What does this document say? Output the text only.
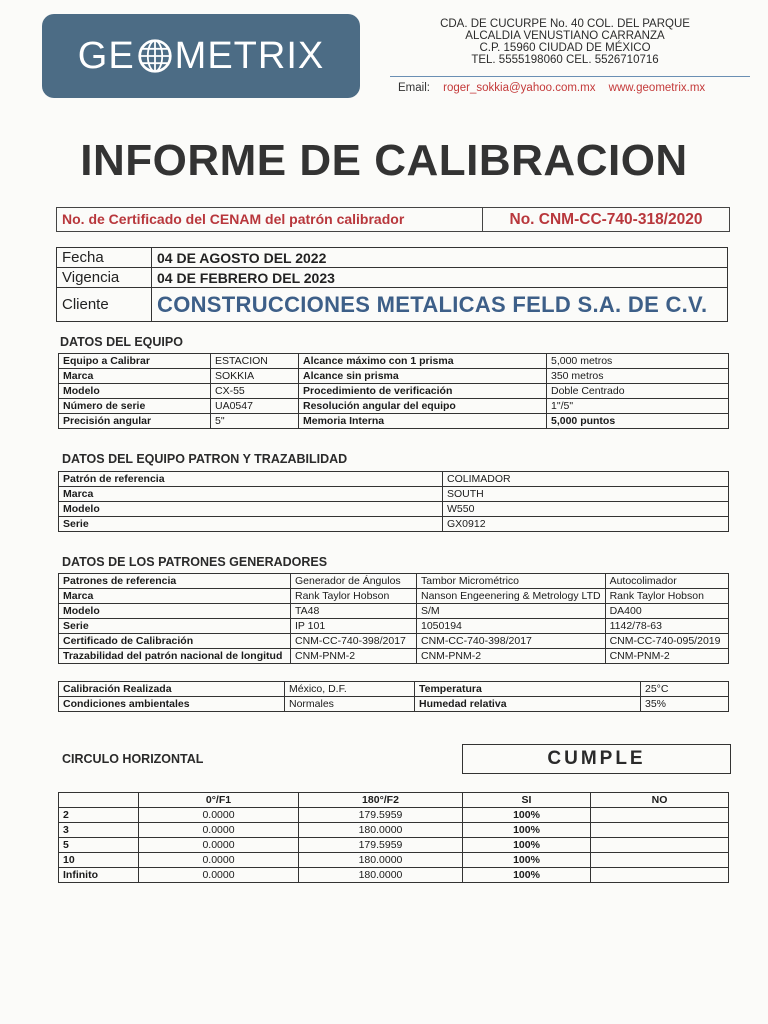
GE METRIX
CDA. DE CUCURPE No. 40 COL. DEL PARQUE
ALCALDIA VENUSTIANO CARRANZA
C.P. 15960 CIUDAD DE MÉXICO
TEL. 5555198060 CEL. 5526710716
Email: roger_sokkia@yahoo.com.mx www.geometrix.mx
INFORME DE CALIBRACION
No. de Certificado del CENAM del patrón calibrador	No. CNM-CC-740-318/2020
Fecha	04 DE AGOSTO DEL 2022
Vigencia	04 DE FEBRERO DEL 2023
Cliente	CONSTRUCCIONES METALICAS FELD S.A. DE C.V.
DATOS DEL EQUIPO
Equipo a Calibrar	ESTACION	Alcance máximo con 1 prisma	5,000 metros
Marca	SOKKIA	Alcance sin prisma	350 metros
Modelo	CX-55	Procedimiento de verificación	Doble Centrado
Número de serie	UA0547	Resolución angular del equipo	1"/5"
Precisión angular	5"	Memoria Interna	5,000 puntos
DATOS DEL EQUIPO PATRON Y TRAZABILIDAD
Patrón de referencia	COLIMADOR
Marca	SOUTH
Modelo	W550
Serie	GX0912
DATOS DE LOS PATRONES GENERADORES
Patrones de referencia	Generador de Ángulos	Tambor Micrométrico	Autocolimador
Marca	Rank Taylor Hobson	Nanson Engeenering & Metrology LTD	Rank Taylor Hobson
Modelo	TA48	S/M	DA400
Serie	IP 101	1050194	1142/78-63
Certificado de Calibración	CNM-CC-740-398/2017	CNM-CC-740-398/2017	CNM-CC-740-095/2019
Trazabilidad del patrón nacional de longitud	CNM-PNM-2	CNM-PNM-2	CNM-PNM-2
Calibración Realizada	México, D.F.	Temperatura	25°C
Condiciones ambientales	Normales	Humedad relativa	35%
CIRCULO HORIZONTAL	CUMPLE
	0°/F1	180°/F2	SI	NO
2	0.0000	179.5959	100%	
3	0.0000	180.0000	100%	
5	0.0000	179.5959	100%	
10	0.0000	180.0000	100%	
Infinito	0.0000	180.0000	100%	
